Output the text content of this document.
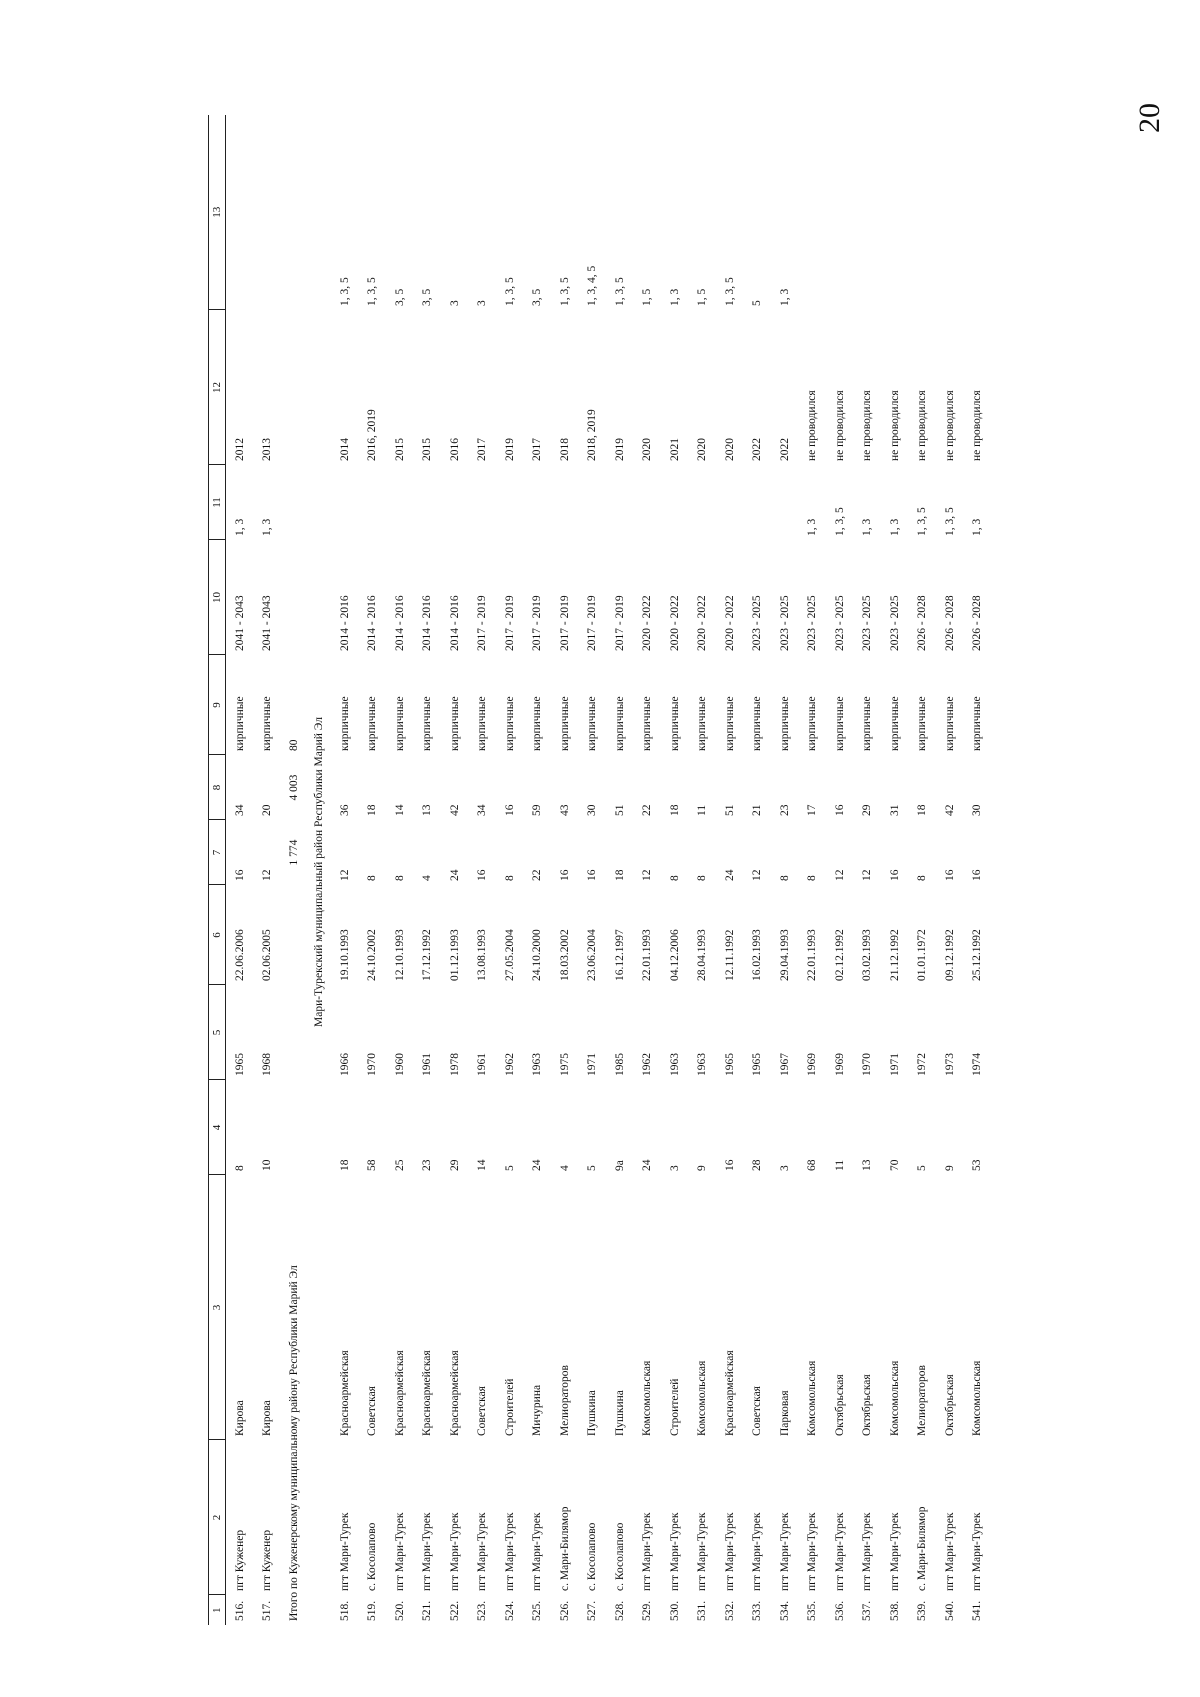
20
1	2	3	4	5	6	7	8	9	10	11	12	13
516.	пгт Куженер	Кирова	8	1965	22.06.2006	16	34	кирпичные	2041 - 2043	1, 3	2012	
517.	пгт Куженер	Кирова	10	1968	02.06.2005	12	20	кирпичные	2041 - 2043	1, 3	2013	
Итого по Куженерскому муниципальному району Республики Марий Эл						1 774	4 003	80				
Мари-Турекский муниципальный район Республики Марий Эл												
518.	пгт Мари-Турек	Красноармейская	18	1966	19.10.1993	12	36	кирпичные	2014 - 2016		2014	1, 3, 5
519.	с. Косолапово	Советская	58	1970	24.10.2002	8	18	кирпичные	2014 - 2016		2016, 2019	1, 3, 5
520.	пгт Мари-Турек	Красноармейская	25	1960	12.10.1993	8	14	кирпичные	2014 - 2016		2015	3, 5
521.	пгт Мари-Турек	Красноармейская	23	1961	17.12.1992	4	13	кирпичные	2014 - 2016		2015	3, 5
522.	пгт Мари-Турек	Красноармейская	29	1978	01.12.1993	24	42	кирпичные	2014 - 2016		2016	3
523.	пгт Мари-Турек	Советская	14	1961	13.08.1993	16	34	кирпичные	2017 - 2019		2017	3
524.	пгт Мари-Турек	Строителей	5	1962	27.05.2004	8	16	кирпичные	2017 - 2019		2019	1, 3, 5
525.	пгт Мари-Турек	Мичурина	24	1963	24.10.2000	22	59	кирпичные	2017 - 2019		2017	3, 5
526.	с. Мари-Билямор	Мелиораторов	4	1975	18.03.2002	16	43	кирпичные	2017 - 2019		2018	1, 3, 5
527.	с. Косолапово	Пушкина	5	1971	23.06.2004	16	30	кирпичные	2017 - 2019		2018, 2019	1, 3, 4, 5
528.	с. Косолапово	Пушкина	9а	1985	16.12.1997	18	51	кирпичные	2017 - 2019		2019	1, 3, 5
529.	пгт Мари-Турек	Комсомольская	24	1962	22.01.1993	12	22	кирпичные	2020 - 2022		2020	1, 5
530.	пгт Мари-Турек	Строителей	3	1963	04.12.2006	8	18	кирпичные	2020 - 2022		2021	1, 3
531.	пгт Мари-Турек	Комсомольская	9	1963	28.04.1993	8	11	кирпичные	2020 - 2022		2020	1, 5
532.	пгт Мари-Турек	Красноармейская	16	1965	12.11.1992	24	51	кирпичные	2020 - 2022		2020	1, 3, 5
533.	пгт Мари-Турек	Советская	28	1965	16.02.1993	12	21	кирпичные	2023 - 2025		2022	5
534.	пгт Мари-Турек	Парковая	3	1967	29.04.1993	8	23	кирпичные	2023 - 2025		2022	1, 3
535.	пгт Мари-Турек	Комсомольская	68	1969	22.01.1993	8	17	кирпичные	2023 - 2025	1, 3	не проводился	
536.	пгт Мари-Турек	Октябрьская	11	1969	02.12.1992	12	16	кирпичные	2023 - 2025	1, 3, 5	не проводился	
537.	пгт Мари-Турек	Октябрьская	13	1970	03.02.1993	12	29	кирпичные	2023 - 2025	1, 3	не проводился	
538.	пгт Мари-Турек	Комсомольская	70	1971	21.12.1992	16	31	кирпичные	2023 - 2025	1, 3	не проводился	
539.	с. Мари-Билямор	Мелиораторов	5	1972	01.01.1972	8	18	кирпичные	2026 - 2028	1, 3, 5	не проводился	
540.	пгт Мари-Турек	Октябрьская	9	1973	09.12.1992	16	42	кирпичные	2026 - 2028	1, 3, 5	не проводился	
541.	пгт Мари-Турек	Комсомольская	53	1974	25.12.1992	16	30	кирпичные	2026 - 2028	1, 3	не проводился	
